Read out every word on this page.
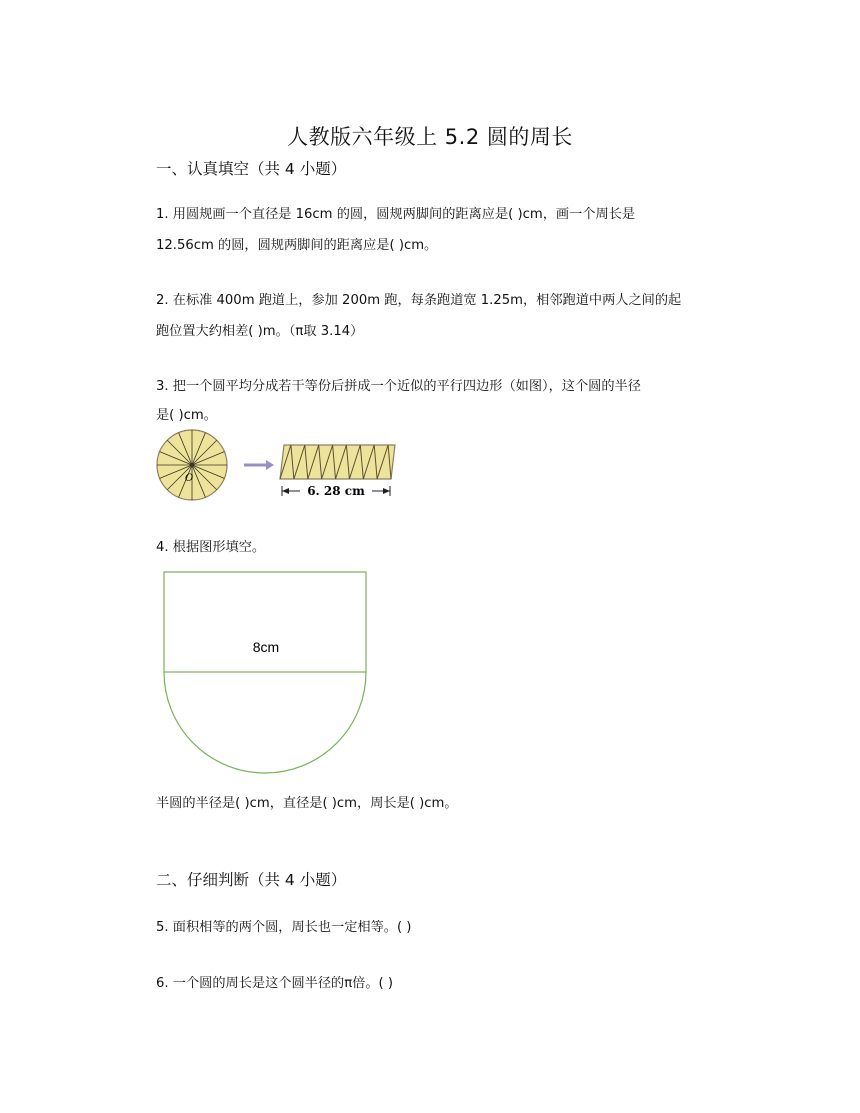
人教版六年级上 5.2 圆的周长
一、认真填空（共 4 小题）
1. 用圆规画一个直径是 16cm 的圆，圆规两脚间的距离应是( )cm，画一个周长是
12.56cm 的圆，圆规两脚间的距离应是( )cm。
2. 在标准 400m 跑道上，参加 200m 跑，每条跑道宽 1.25m，相邻跑道中两人之间的起
跑位置大约相差( )m。（π取 3.14）
3. 把一个圆平均分成若干等份后拼成一个近似的平行四边形（如图），这个圆的半径
是( )cm。
O
6. 28 cm
4. 根据图形填空。
8cm
半圆的半径是( )cm，直径是( )cm，周长是( )cm。
二、仔细判断（共 4 小题）
5. 面积相等的两个圆，周长也一定相等。( )
6. 一个圆的周长是这个圆半径的π倍。( )
